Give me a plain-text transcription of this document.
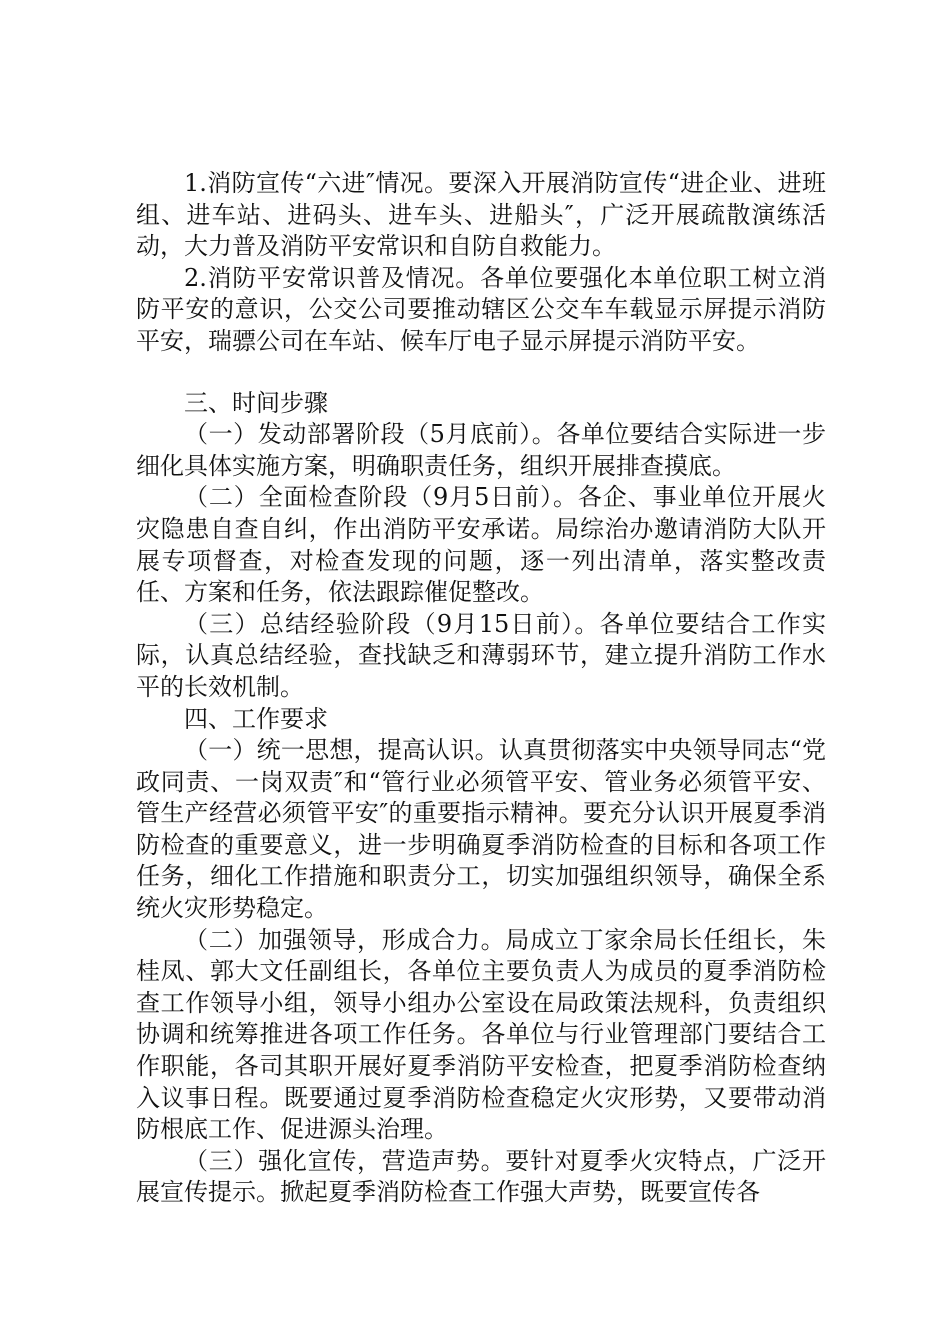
1.消防宣传“六进″情况。要深入开展消防宣传“进企业、进班组、进车站、进码头、进车头、进船头″，广泛开展疏散演练活动，大力普及消防平安常识和自防自救能力。

2.消防平安常识普及情况。各单位要强化本单位职工树立消防平安的意识，公交公司要推动辖区公交车车载显示屏提示消防平安，瑞骠公司在车站、候车厅电子显示屏提示消防平安。

三、时间步骤

（一）发动部署阶段（5月底前）。各单位要结合实际进一步细化具体实施方案，明确职责任务，组织开展排查摸底。

（二）全面检查阶段（9月5日前）。各企、事业单位开展火灾隐患自查自纠，作出消防平安承诺。局综治办邀请消防大队开展专项督查，对检查发现的问题，逐一列出清单，落实整改责任、方案和任务，依法跟踪催促整改。

（三）总结经验阶段（9月15日前）。各单位要结合工作实际，认真总结经验，查找缺乏和薄弱环节，建立提升消防工作水平的长效机制。

四、工作要求

（一）统一思想，提高认识。认真贯彻落实中央领导同志“党政同责、一岗双责″和“管行业必须管平安、管业务必须管平安、管生产经营必须管平安″的重要指示精神。要充分认识开展夏季消防检查的重要意义，进一步明确夏季消防检查的目标和各项工作任务，细化工作措施和职责分工，切实加强组织领导，确保全系统火灾形势稳定。

（二）加强领导，形成合力。局成立丁家余局长任组长，朱桂凤、郭大文任副组长，各单位主要负责人为成员的夏季消防检查工作领导小组，领导小组办公室设在局政策法规科，负责组织协调和统筹推进各项工作任务。各单位与行业管理部门要结合工作职能，各司其职开展好夏季消防平安检查，把夏季消防检查纳入议事日程。既要通过夏季消防检查稳定火灾形势，又要带动消防根底工作、促进源头治理。

（三）强化宣传，营造声势。要针对夏季火灾特点，广泛开展宣传提示。掀起夏季消防检查工作强大声势，既要宣传各
